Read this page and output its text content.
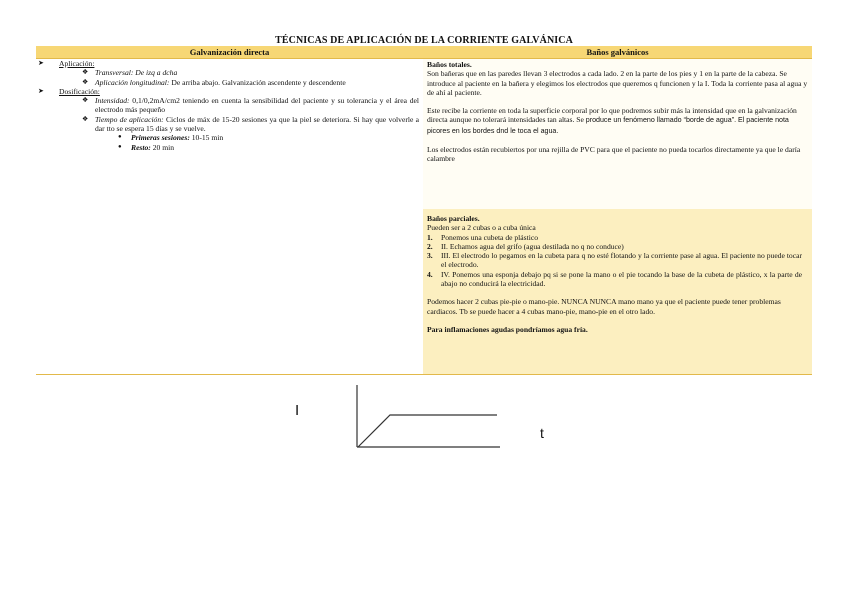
TÉCNICAS DE APLICACIÓN DE LA CORRIENTE GALVÁNICA
Galvanización directa	Baños galvánicos
➤ Aplicación:
❖ Transversal: De izq a dcha
❖ Aplicación longitudinal: De arriba abajo. Galvanización ascendente y descendente
➤ Dosificación:
❖ Intensidad: 0,1/0,2mA/cm2 teniendo en cuenta la sensibilidad del paciente y su tolerancia y el área del electrodo más pequeño
❖ Tiempo de aplicación: Ciclos de máx de 15-20 sesiones ya que la piel se deteriora. Si hay que volverle a dar tto se espera 15 días y se vuelve.
● Primeras sesiones: 10-15 min
● Resto: 20 min

Baños totales.

Son bañeras que en las paredes llevan 3 electrodos a cada lado. 2 en la parte de los pies y 1 en la parte de la cabeza. Se introduce al paciente en la bañera y elegimos los electrodos que queremos q funcionen y la I. Toda la corriente pasa al agua y de ahí al paciente.

Este recibe la corriente en toda la superficie corporal por lo que podremos subir más la intensidad que en la galvanización directa aunque no tolerará intensidades tan altas. Se produce un fenómeno llamado “borde de agua”. El paciente nota picores en los bordes dnd le toca el agua.

Los electrodos están recubiertos por una rejilla de PVC para que el paciente no pueda tocarlos directamente ya que le daría calambre

Baños parciales.

Pueden ser a 2 cubas o a cuba única

1. Ponemos una cubeta de plástico
2. II. Echamos agua del grifo (agua destilada no q no conduce)
3. III. El electrodo lo pegamos en la cubeta para q no esté flotando y la corriente pase al agua. El paciente no puede tocar el electrodo.
4. IV. Ponemos una esponja debajo pq si se pone la mano o el pie tocando la base de la cubeta de plástico, x la parte de abajo no conducirá la electricidad.

Podemos hacer 2 cubas pie-pie o mano-pie. NUNCA NUNCA mano mano ya que el paciente puede tener problemas cardiacos. Tb se puede hacer a 4 cubas mano-pie, mano-pie en el otro lado.

Para inflamaciones agudas pondríamos agua fría.

I
t
